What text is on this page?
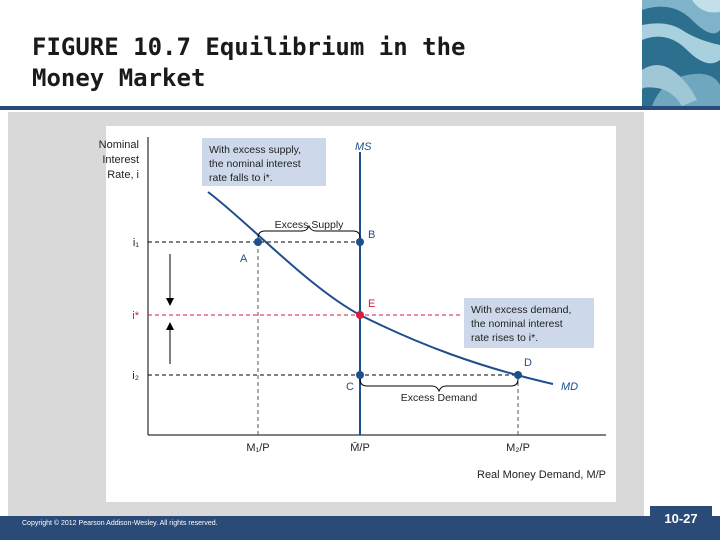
FIGURE 10.7 Equilibrium in the
Money Market
Nominal
Interest
Rate, i
i₁
i*
i₂
MS
MD
Excess Supply
Excess Demand
A
B
E
C
D
M₁/P	M̄/P	M₂/P
Real Money Demand, M/P
With excess supply,
the nominal interest
rate falls to i*.
With excess demand,
the nominal interest
rate rises to i*.
Copyright © 2012 Pearson Addison-Wesley. All rights reserved.	10-27
